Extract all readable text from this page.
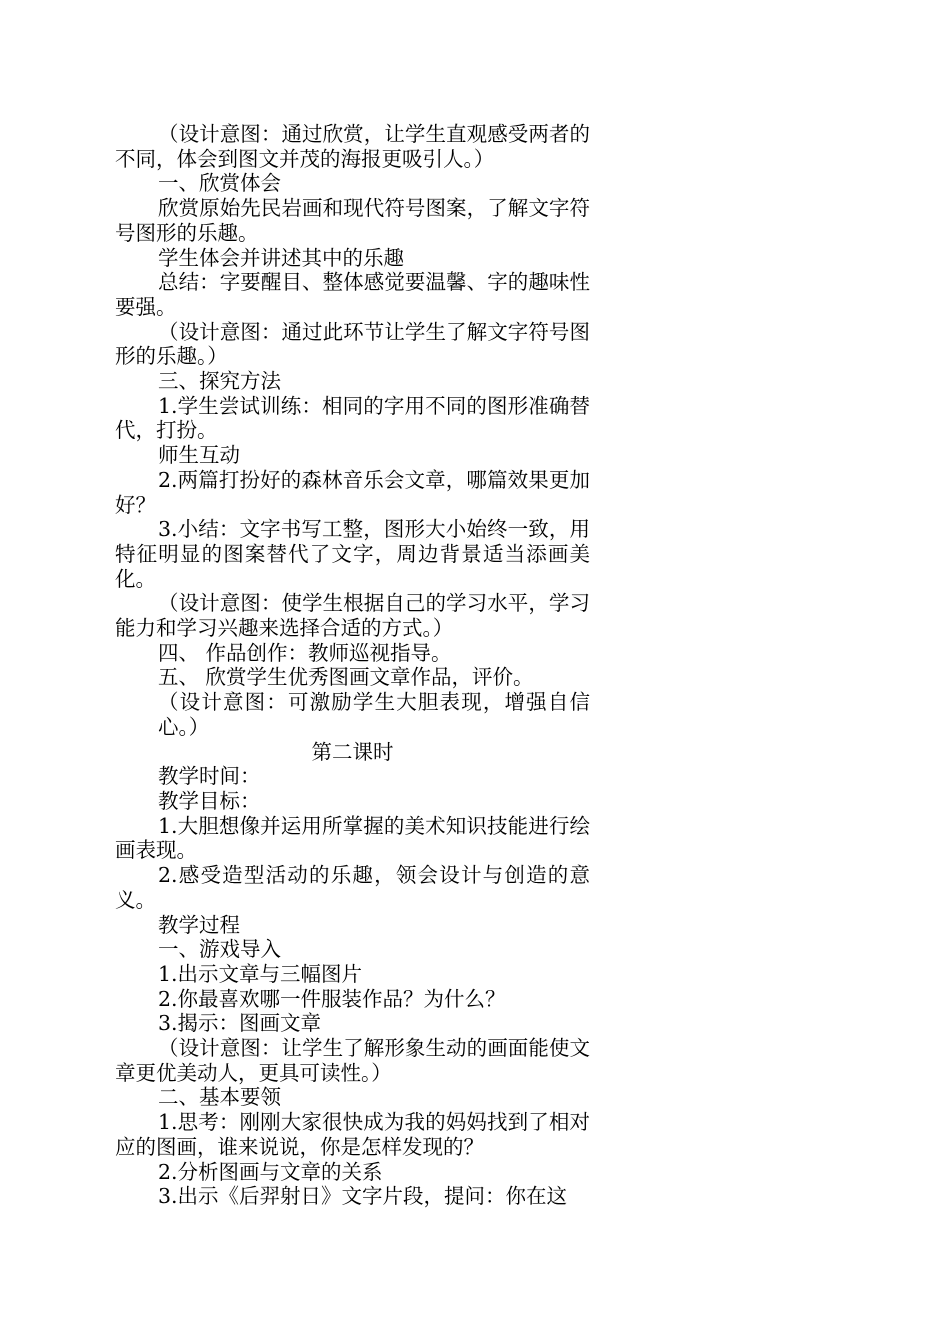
（设计意图：通过欣赏，让学生直观感受两者的不同，体会到图文并茂的海报更吸引人。）

一、欣赏体会

欣赏原始先民岩画和现代符号图案，了解文字符号图形的乐趣。

学生体会并讲述其中的乐趣

总结：字要醒目、整体感觉要温馨、字的趣味性要强。

（设计意图：通过此环节让学生了解文字符号图形的乐趣。）

三、探究方法

1.学生尝试训练：相同的字用不同的图形准确替代，打扮。

师生互动

2.两篇打扮好的森林音乐会文章，哪篇效果更加好？

3.小结：文字书写工整，图形大小始终一致，用特征明显的图案替代了文字，周边背景适当添画美化。

（设计意图：使学生根据自己的学习水平，学习能力和学习兴趣来选择合适的方式。）

四、 作品创作：教师巡视指导。

五、 欣赏学生优秀图画文章作品，评价。

（设计意图：可激励学生大胆表现，增强自信心。）

第二课时

教学时间：

教学目标：

1.大胆想像并运用所掌握的美术知识技能进行绘画表现。

2.感受造型活动的乐趣，领会设计与创造的意义。

教学过程

一、游戏导入

1.出示文章与三幅图片

2.你最喜欢哪一件服装作品？为什么？

3.揭示：图画文章

（设计意图：让学生了解形象生动的画面能使文章更优美动人，更具可读性。）

二、基本要领

1.思考：刚刚大家很快成为我的妈妈找到了相对应的图画，谁来说说，你是怎样发现的？

2.分析图画与文章的关系

3.出示《后羿射日》文字片段，提问：你在这
